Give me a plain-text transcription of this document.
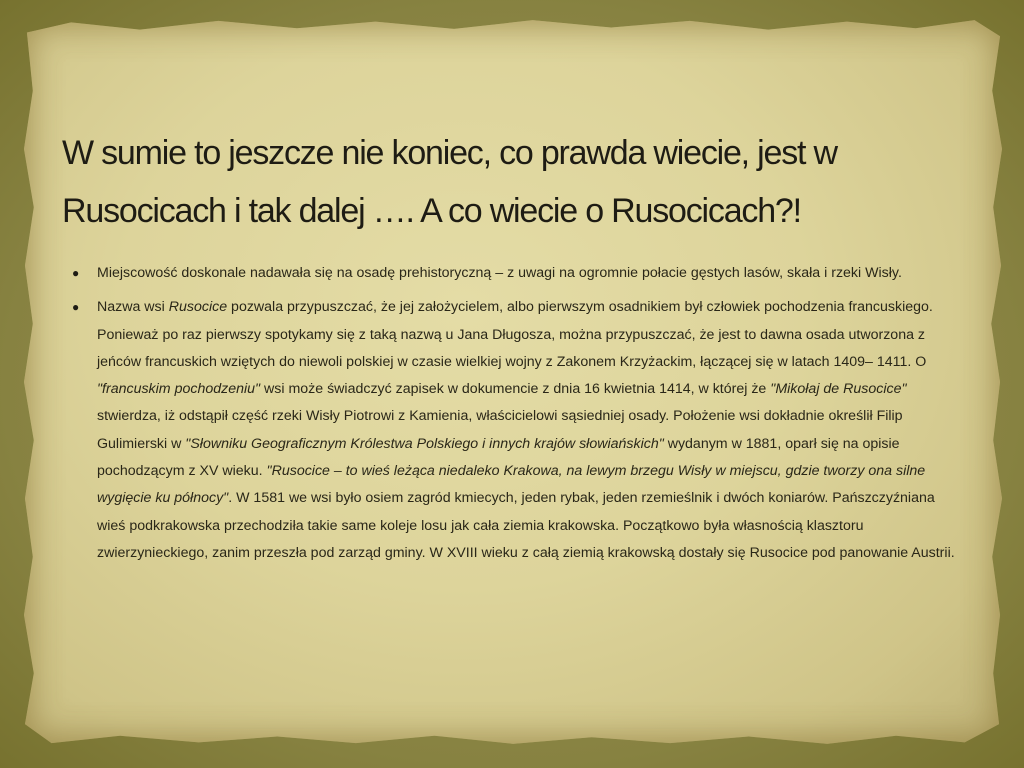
W sumie to jeszcze nie koniec, co prawda wiecie, jest w Rusocicach i tak dalej …. A co wiecie o Rusocicach?!
● Miejscowość doskonale nadawała się na osadę prehistoryczną – z uwagi na ogromnie połacie gęstych lasów, skała i rzeki Wisły.
● Nazwa wsi Rusocice pozwala przypuszczać, że jej założycielem, albo pierwszym osadnikiem był człowiek pochodzenia francuskiego. Ponieważ po raz pierwszy spotykamy się z taką nazwą u Jana Długosza, można przypuszczać, że jest to dawna osada utworzona z jeńców francuskich wziętych do niewoli polskiej w czasie wielkiej wojny z Zakonem Krzyżackim, łączącej się w latach 1409– 1411. O "francuskim pochodzeniu" wsi może świadczyć zapisek w dokumencie z dnia 16 kwietnia 1414, w której że "Mikołaj de Rusocice" stwierdza, iż odstąpił część rzeki Wisły Piotrowi z Kamienia, właścicielowi sąsiedniej osady. Położenie wsi dokładnie określił Filip Gulimierski w "Słowniku Geograficznym Królestwa Polskiego i innych krajów słowiańskich" wydanym w 1881, oparł się na opisie pochodzącym z XV wieku. "Rusocice – to wieś leżąca niedaleko Krakowa, na lewym brzegu Wisły w miejscu, gdzie tworzy ona silne wygięcie ku północy". W 1581 we wsi było osiem zagród kmiecych, jeden rybak, jeden rzemieślnik i dwóch koniarów. Pańszczyźniana wieś podkrakowska przechodziła takie same koleje losu jak cała ziemia krakowska. Początkowo była własnością klasztoru zwierzynieckiego, zanim przeszła pod zarząd gminy. W XVIII wieku z całą ziemią krakowską dostały się Rusocice pod panowanie Austrii.
